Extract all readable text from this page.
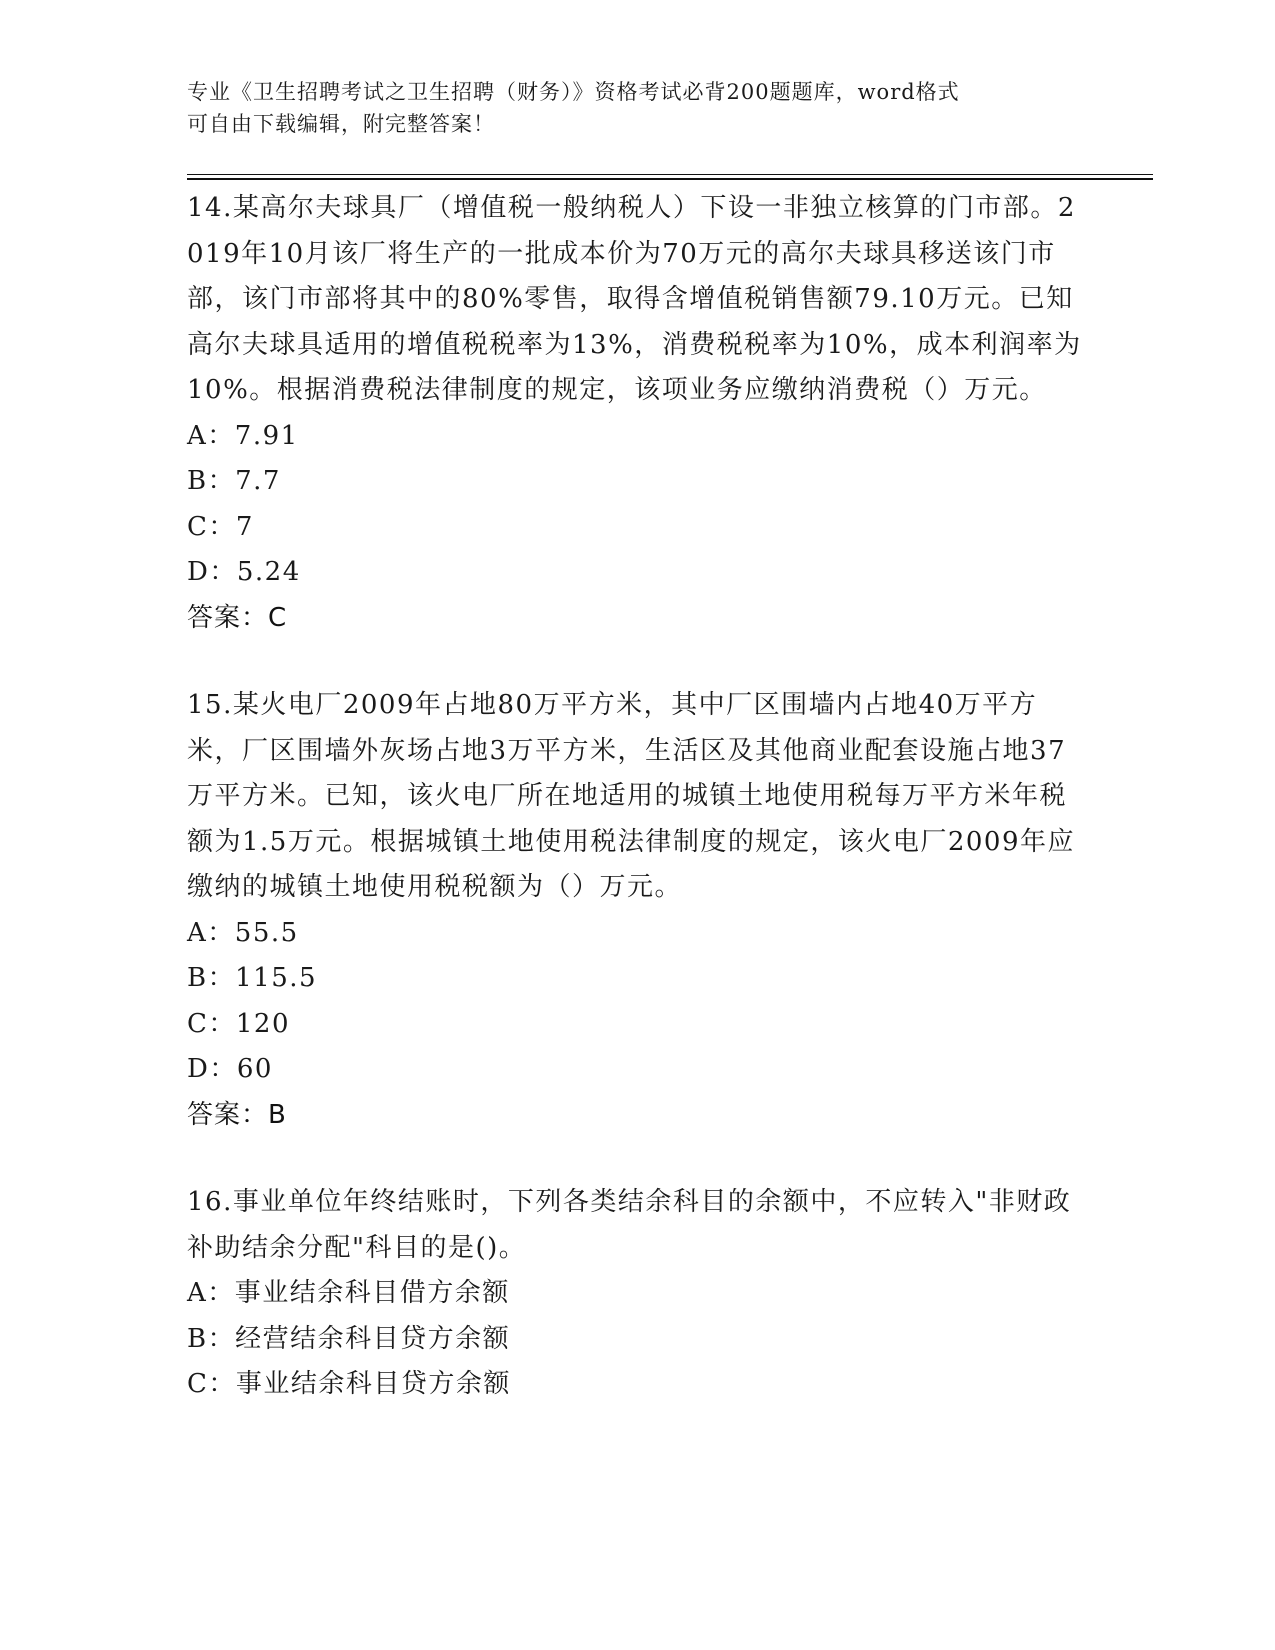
专业《卫生招聘考试之卫生招聘（财务）》资格考试必背200题题库，word格式

可自由下载编辑，附完整答案！

14.某高尔夫球具厂（增值税一般纳税人）下设一非独立核算的门市部。2019年10月该厂将生产的一批成本价为70万元的高尔夫球具移送该门市部，该门市部将其中的80%零售，取得含增值税销售额79.10万元。已知高尔夫球具适用的增值税税率为13%，消费税税率为10%，成本利润率为10%。根据消费税法律制度的规定，该项业务应缴纳消费税（）万元。

A：7.91

B：7.7

C：7

D：5.24

答案：C

15.某火电厂2009年占地80万平方米，其中厂区围墙内占地40万平方米，厂区围墙外灰场占地3万平方米，生活区及其他商业配套设施占地37万平方米。已知，该火电厂所在地适用的城镇土地使用税每万平方米年税额为1.5万元。根据城镇土地使用税法律制度的规定，该火电厂2009年应缴纳的城镇土地使用税税额为（）万元。

A：55.5

B：115.5

C：120

D：60

答案：B

16.事业单位年终结账时，下列各类结余科目的余额中，不应转入"非财政补助结余分配"科目的是()。

A：事业结余科目借方余额

B：经营结余科目贷方余额

C：事业结余科目贷方余额
